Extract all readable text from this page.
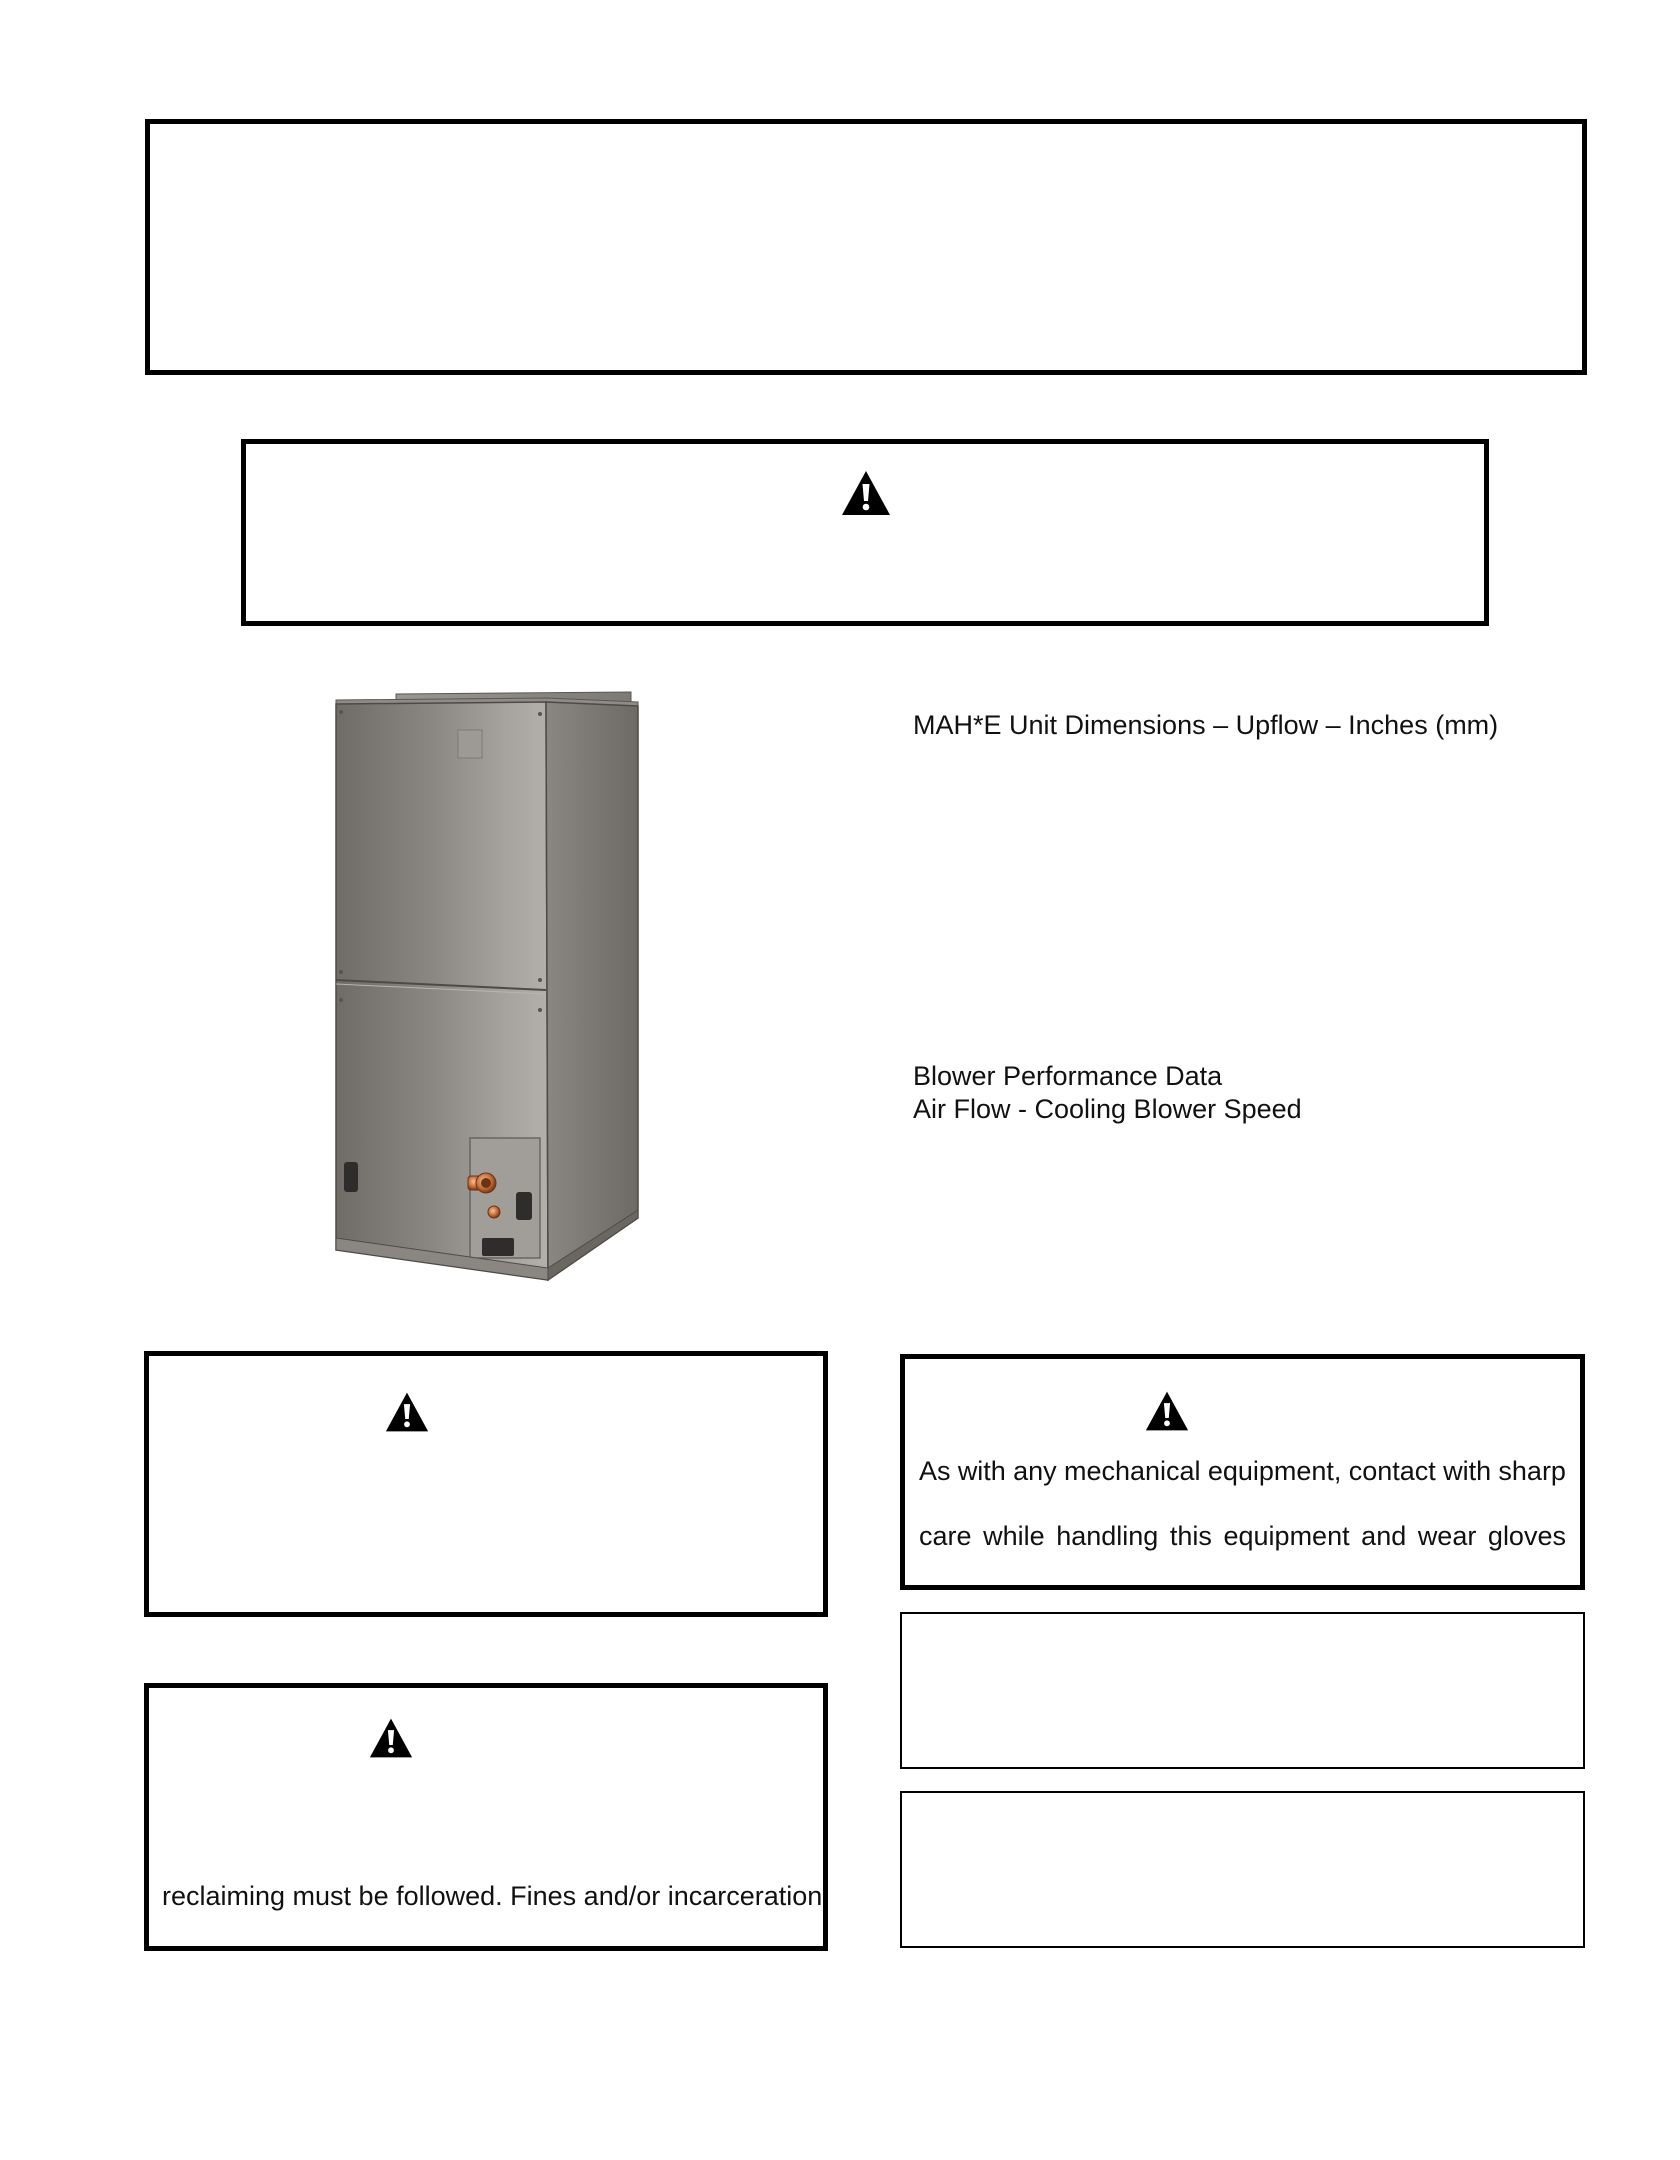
MAH*E Unit Dimensions – Upflow – Inches (mm)
Blower Performance Data
Air Flow - Cooling Blower Speed
reclaiming must be followed. Fines and/or incarceration
As with any mechanical equipment, contact with sharp
care while handling this equipment and wear gloves
